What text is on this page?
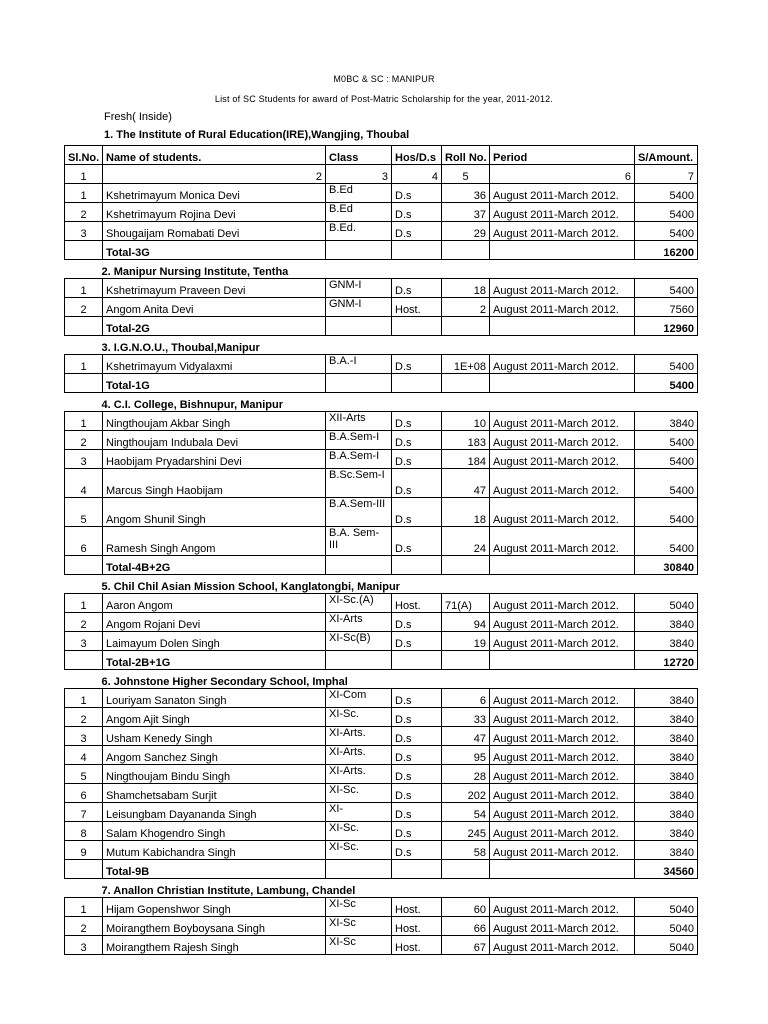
M0BC & SC : MANIPUR
List of SC Students for award of Post-Matric Scholarship for the year, 2011-2012.
Fresh( Inside)
1. The Institute of Rural Education(IRE),Wangjing, Thoubal
Sl.No.	Name of students.	Class	Hos/D.s	Roll No.	Period	S/Amount.
1	2	3	4	5	6	7
1	Kshetrimayum Monica Devi	B.Ed	D.s	36	August 2011-March 2012.	5400
2	Kshetrimayum Rojina Devi	B.Ed	D.s	37	August 2011-March 2012.	5400
3	Shougaijam Romabati Devi	B.Ed.	D.s	29	August 2011-March 2012.	5400
	Total-3G					16200
2. Manipur Nursing Institute, Tentha						
1	Kshetrimayum Praveen Devi	GNM-I	D.s	18	August 2011-March 2012.	5400
2	Angom Anita Devi	GNM-I	Host.	2	August 2011-March 2012.	7560
	Total-2G					12960
3. I.G.N.O.U., Thoubal,Manipur						
1	Kshetrimayum Vidyalaxmi	B.A.-I	D.s	1E+08	August 2011-March 2012.	5400
	Total-1G					5400
4. C.I. College, Bishnupur, Manipur						
1	Ningthoujam Akbar Singh	XII-Arts	D.s	10	August 2011-March 2012.	3840
2	Ningthoujam Indubala Devi	B.A.Sem-I	D.s	183	August 2011-March 2012.	5400
3	Haobijam Pryadarshini Devi	B.A.Sem-I	D.s	184	August 2011-March 2012.	5400
4	Marcus Singh Haobijam	B.Sc.Sem-I	D.s	47	August 2011-March 2012.	5400
5	Angom Shunil Singh	B.A.Sem-III	D.s	18	August 2011-March 2012.	5400
6	Ramesh Singh Angom	B.A. Sem-III	D.s	24	August 2011-March 2012.	5400
	Total-4B+2G					30840
5. Chil Chil Asian Mission School, Kanglatongbi, Manipur						
1	Aaron Angom	XI-Sc.(A)	Host.	71(A)	August 2011-March 2012.	5040
2	Angom Rojani Devi	XI-Arts	D.s	94	August 2011-March 2012.	3840
3	Laimayum Dolen Singh	XI-Sc(B)	D.s	19	August 2011-March 2012.	3840
	Total-2B+1G					12720
6. Johnstone Higher Secondary School, Imphal						
1	Louriyam Sanaton Singh	XI-Com	D.s	6	August 2011-March 2012.	3840
2	Angom Ajit Singh	XI-Sc.	D.s	33	August 2011-March 2012.	3840
3	Usham Kenedy Singh	XI-Arts.	D.s	47	August 2011-March 2012.	3840
4	Angom Sanchez Singh	XI-Arts.	D.s	95	August 2011-March 2012.	3840
5	Ningthoujam Bindu Singh	XI-Arts.	D.s	28	August 2011-March 2012.	3840
6	Shamchetsabam Surjit	XI-Sc.	D.s	202	August 2011-March 2012.	3840
7	Leisungbam Dayananda Singh	XI-	D.s	54	August 2011-March 2012.	3840
8	Salam Khogendro Singh	XI-Sc.	D.s	245	August 2011-March 2012.	3840
9	Mutum Kabichandra Singh	XI-Sc.	D.s	58	August 2011-March 2012.	3840
	Total-9B					34560
7. Anallon Christian Institute, Lambung, Chandel						
1	Hijam Gopenshwor Singh	XI-Sc	Host.	60	August 2011-March 2012.	5040
2	Moirangthem Boyboysana Singh	XI-Sc	Host.	66	August 2011-March 2012.	5040
3	Moirangthem Rajesh Singh	XI-Sc	Host.	67	August 2011-March 2012.	5040
